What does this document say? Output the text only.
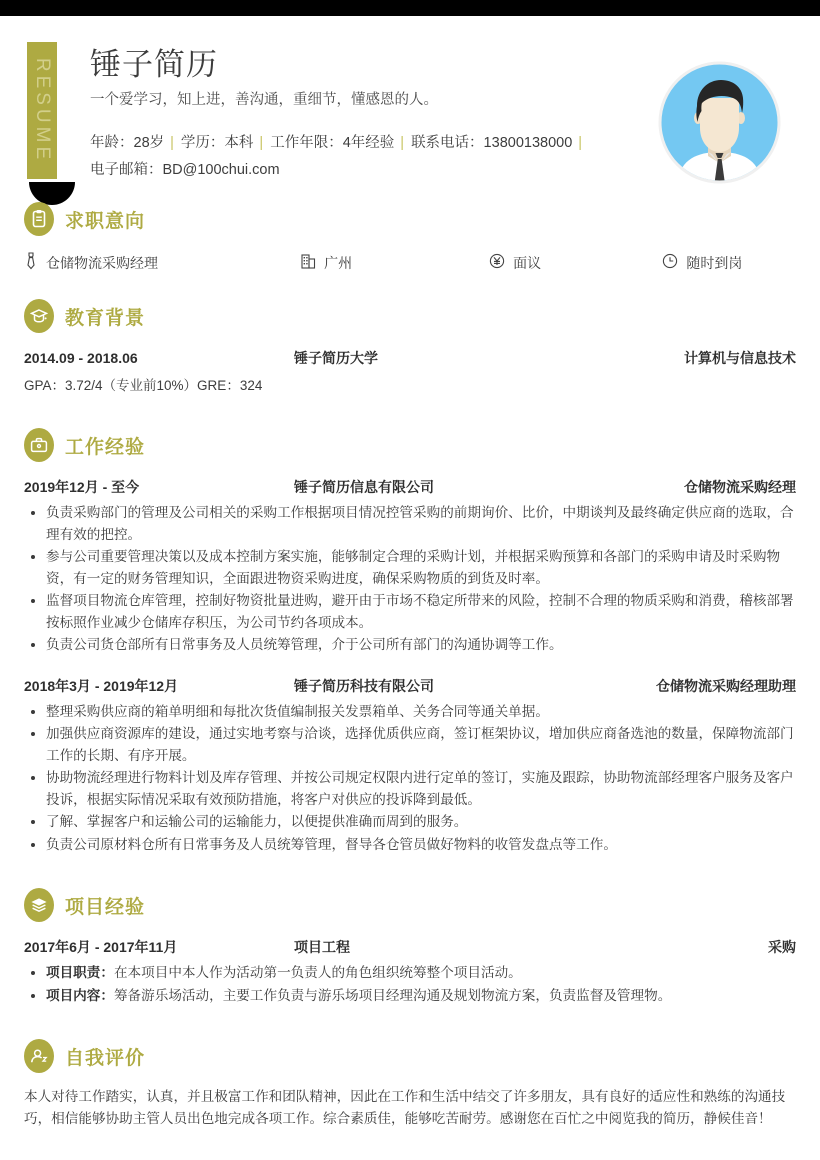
RESUME 锤子简历
一个爱学习，知上进，善沟通，重细节，懂感恩的人。
年龄：28岁 | 学历：本科 | 工作年限：4年经验 | 联系电话：13800138000 |
电子邮箱：BD@100chui.com
求职意向
仓储物流采购经理	广州	面议	随时到岗
教育背景
2014.09 - 2018.06	锤子简历大学	计算机与信息技术
GPA：3.72/4（专业前10%）GRE：324
工作经验
2019年12月 - 至今	锤子简历信息有限公司	仓储物流采购经理
负责采购部门的管理及公司相关的采购工作根据项目情况控管采购的前期询价、比价，中期谈判及最终确定供应商的选取，合理有效的把控。
参与公司重要管理决策以及成本控制方案实施，能够制定合理的采购计划，并根据采购预算和各部门的采购申请及时采购物资，有一定的财务管理知识，全面跟进物资采购进度，确保采购物质的到货及时率。
监督项目物流仓库管理，控制好物资批量进购，避开由于市场不稳定所带来的风险，控制不合理的物质采购和消费，稽核部署按标照作业减少仓储库存积压，为公司节约各项成本。
负责公司货仓部所有日常事务及人员统筹管理，介于公司所有部门的沟通协调等工作。
2018年3月 - 2019年12月	锤子简历科技有限公司	仓储物流采购经理助理
整理采购供应商的箱单明细和每批次货值编制报关发票箱单、关务合同等通关单据。
加强供应商资源库的建设，通过实地考察与洽谈，选择优质供应商，签订框架协议，增加供应商备选池的数量，保障物流部门工作的长期、有序开展。
协助物流经理进行物料计划及库存管理、并按公司规定权限内进行定单的签订，实施及跟踪，协助物流部经理客户服务及客户投诉，根据实际情况采取有效预防措施，将客户对供应的投诉降到最低。
了解、掌握客户和运输公司的运输能力，以便提供准确而周到的服务。
负责公司原材料仓所有日常事务及人员统筹管理，督导各仓管员做好物料的收管发盘点等工作。
项目经验
2017年6月 - 2017年11月	项目工程	采购
项目职责：在本项目中本人作为活动第一负责人的角色组织统筹整个项目活动。
项目内容：筹备游乐场活动，主要工作负责与游乐场项目经理沟通及规划物流方案，负责监督及管理物。
自我评价
本人对待工作踏实，认真，并且极富工作和团队精神，因此在工作和生活中结交了许多朋友，具有良好的适应性和熟练的沟通技巧，相信能够协助主管人员出色地完成各项工作。综合素质佳，能够吃苦耐劳。感谢您在百忙之中阅览我的简历，静候佳音！
